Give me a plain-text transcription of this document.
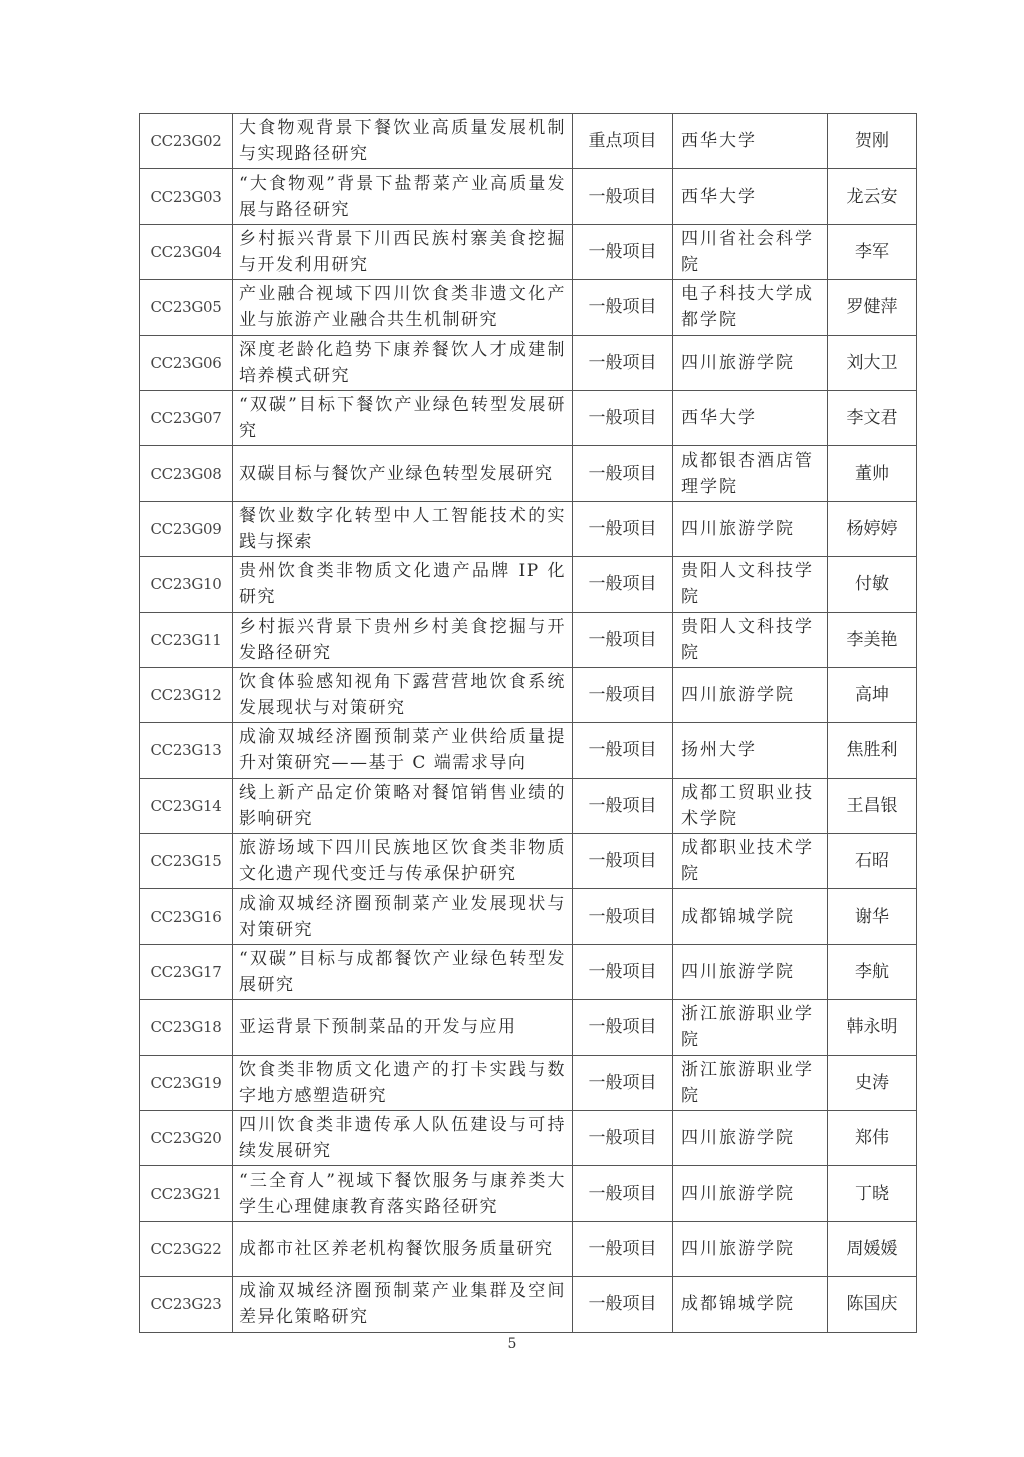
CC23G02	大食物观背景下餐饮业高质量发展机制与实现路径研究	重点项目	西华大学	贺刚
CC23G03	“大食物观”背景下盐帮菜产业高质量发展与路径研究	一般项目	西华大学	龙云安
CC23G04	乡村振兴背景下川西民族村寨美食挖掘与开发利用研究	一般项目	四川省社会科学院	李军
CC23G05	产业融合视域下四川饮食类非遗文化产业与旅游产业融合共生机制研究	一般项目	电子科技大学成都学院	罗健萍
CC23G06	深度老龄化趋势下康养餐饮人才成建制培养模式研究	一般项目	四川旅游学院	刘大卫
CC23G07	“双碳”目标下餐饮产业绿色转型发展研究	一般项目	西华大学	李文君
CC23G08	双碳目标与餐饮产业绿色转型发展研究	一般项目	成都银杏酒店管理学院	董帅
CC23G09	餐饮业数字化转型中人工智能技术的实践与探索	一般项目	四川旅游学院	杨婷婷
CC23G10	贵州饮食类非物质文化遗产品牌 IP 化研究	一般项目	贵阳人文科技学院	付敏
CC23G11	乡村振兴背景下贵州乡村美食挖掘与开发路径研究	一般项目	贵阳人文科技学院	李美艳
CC23G12	饮食体验感知视角下露营营地饮食系统发展现状与对策研究	一般项目	四川旅游学院	高坤
CC23G13	成渝双城经济圈预制菜产业供给质量提升对策研究——基于 C 端需求导向	一般项目	扬州大学	焦胜利
CC23G14	线上新产品定价策略对餐馆销售业绩的影响研究	一般项目	成都工贸职业技术学院	王昌银
CC23G15	旅游场域下四川民族地区饮食类非物质文化遗产现代变迁与传承保护研究	一般项目	成都职业技术学院	石昭
CC23G16	成渝双城经济圈预制菜产业发展现状与对策研究	一般项目	成都锦城学院	谢华
CC23G17	“双碳”目标与成都餐饮产业绿色转型发展研究	一般项目	四川旅游学院	李航
CC23G18	亚运背景下预制菜品的开发与应用	一般项目	浙江旅游职业学院	韩永明
CC23G19	饮食类非物质文化遗产的打卡实践与数字地方感塑造研究	一般项目	浙江旅游职业学院	史涛
CC23G20	四川饮食类非遗传承人队伍建设与可持续发展研究	一般项目	四川旅游学院	郑伟
CC23G21	“三全育人”视域下餐饮服务与康养类大学生心理健康教育落实路径研究	一般项目	四川旅游学院	丁晓
CC23G22	成都市社区养老机构餐饮服务质量研究	一般项目	四川旅游学院	周媛媛
CC23G23	成渝双城经济圈预制菜产业集群及空间差异化策略研究	一般项目	成都锦城学院	陈国庆
5
